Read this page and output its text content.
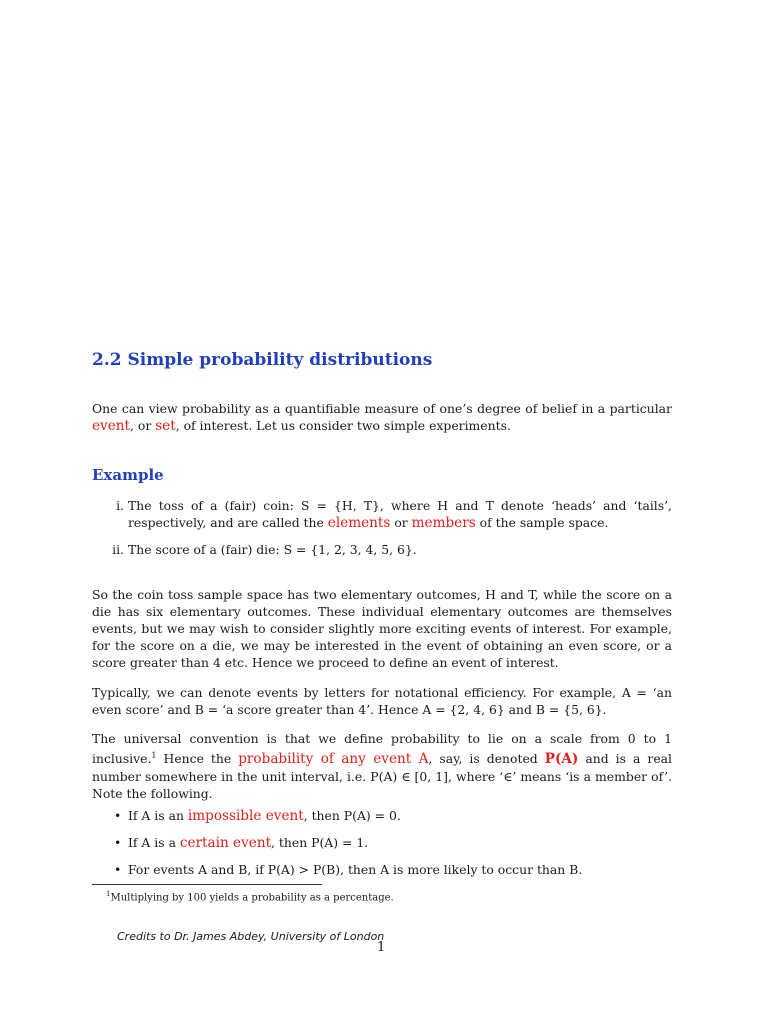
2.2 Simple probability distributions

One can view probability as a quantifiable measure of one’s degree of belief in a particular event, or set, of interest. Let us consider two simple experiments.

Example

i. The toss of a (fair) coin: S = {H, T}, where H and T denote ‘heads’ and ‘tails’, respectively, and are called the elements or members of the sample space.

ii. The score of a (fair) die: S = {1, 2, 3, 4, 5, 6}.

So the coin toss sample space has two elementary outcomes, H and T, while the score on a die has six elementary outcomes. These individual elementary outcomes are themselves events, but we may wish to consider slightly more exciting events of interest. For example, for the score on a die, we may be interested in the event of obtaining an even score, or a score greater than 4 etc. Hence we proceed to define an event of interest.

Typically, we can denote events by letters for notational efficiency. For example, A = ‘an even score’ and B = ‘a score greater than 4’. Hence A = {2, 4, 6} and B = {5, 6}.

The universal convention is that we define probability to lie on a scale from 0 to 1 inclusive.$^1$ Hence the probability of any event A, say, is denoted P(A) and is a real number somewhere in the unit interval, i.e. P(A) ∈ [0, 1], where ‘∈’ means ‘is a member of’. Note the following.

• If A is an impossible event, then P(A) = 0.

• If A is a certain event, then P(A) = 1.

• For events A and B, if P(A) > P(B), then A is more likely to occur than B.

$^1$Multiplying by 100 yields a probability as a percentage.

Credits to Dr. James Abdey, University of London

1
